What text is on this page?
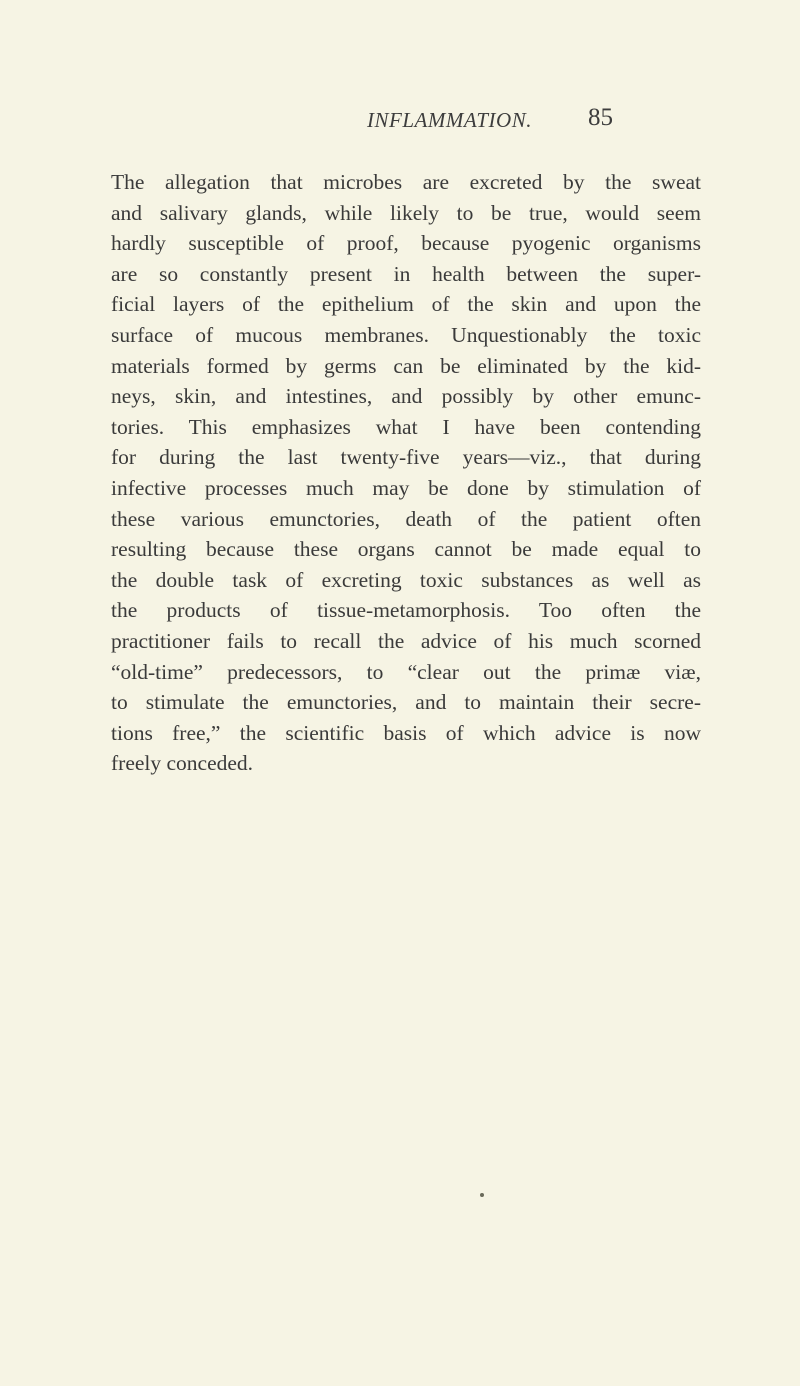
INFLAMMATION. 85
The allegation that microbes are excreted by the sweat
and salivary glands, while likely to be true, would seem
hardly susceptible of proof, because pyogenic organisms
are so constantly present in health between the super-
ficial layers of the epithelium of the skin and upon the
surface of mucous membranes. Unquestionably the toxic
materials formed by germs can be eliminated by the kid-
neys, skin, and intestines, and possibly by other emunc-
tories. This emphasizes what I have been contending
for during the last twenty-five years—viz., that during
infective processes much may be done by stimulation of
these various emunctories, death of the patient often
resulting because these organs cannot be made equal to
the double task of excreting toxic substances as well as
the products of tissue-metamorphosis. Too often the
practitioner fails to recall the advice of his much scorned
“old-time” predecessors, to “clear out the primæ viæ,
to stimulate the emunctories, and to maintain their secre-
tions free,” the scientific basis of which advice is now
freely conceded.
